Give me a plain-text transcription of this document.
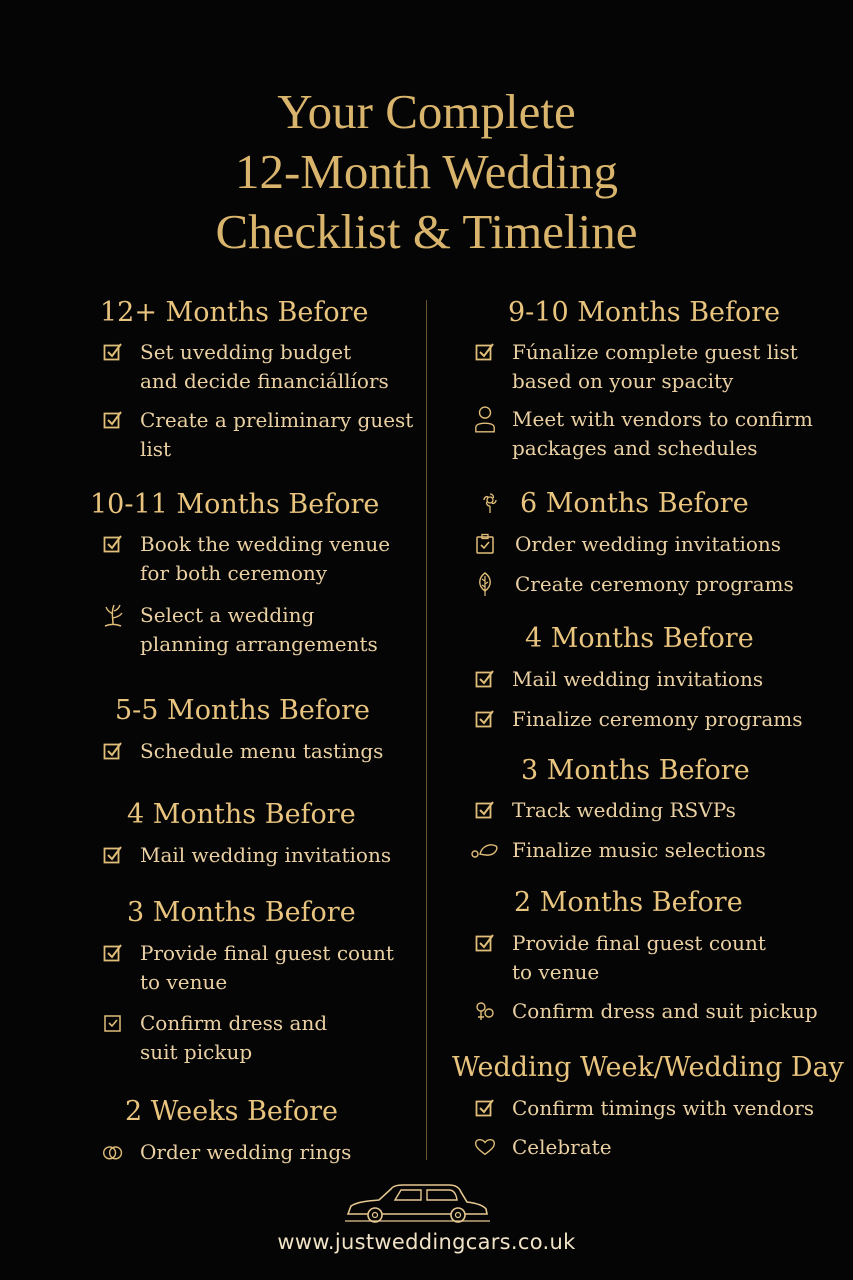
Your Complete
12-Month Wedding
Checklist & Timeline
12+ Months Before
Set uvedding budget
and decide financiállíors
Create a preliminary guest
list
10-11 Months Before
Book the wedding venue
for both ceremony
Select a wedding
planning arrangements
5-5 Months Before
Schedule menu tastings
4 Months Before
Mail wedding invitations
3 Months Before
Provide final guest count
to venue
Confirm dress and
suit pickup
2 Weeks Before
Order wedding rings
9-10 Months Before
Fúnalize complete guest list
based on your spacity
Meet with vendors to confirm
packages and schedules
6 Months Before
Order wedding invitations
Create ceremony programs
4 Months Before
Mail wedding invitations
Finalize ceremony programs
3 Months Before
Track wedding RSVPs
Finalize music selections
2 Months Before
Provide final guest count
to venue
Confirm dress and suit pickup
Wedding Week/Wedding Day
Confirm timings with vendors
Celebrate
www.justweddingcars.co.uk
